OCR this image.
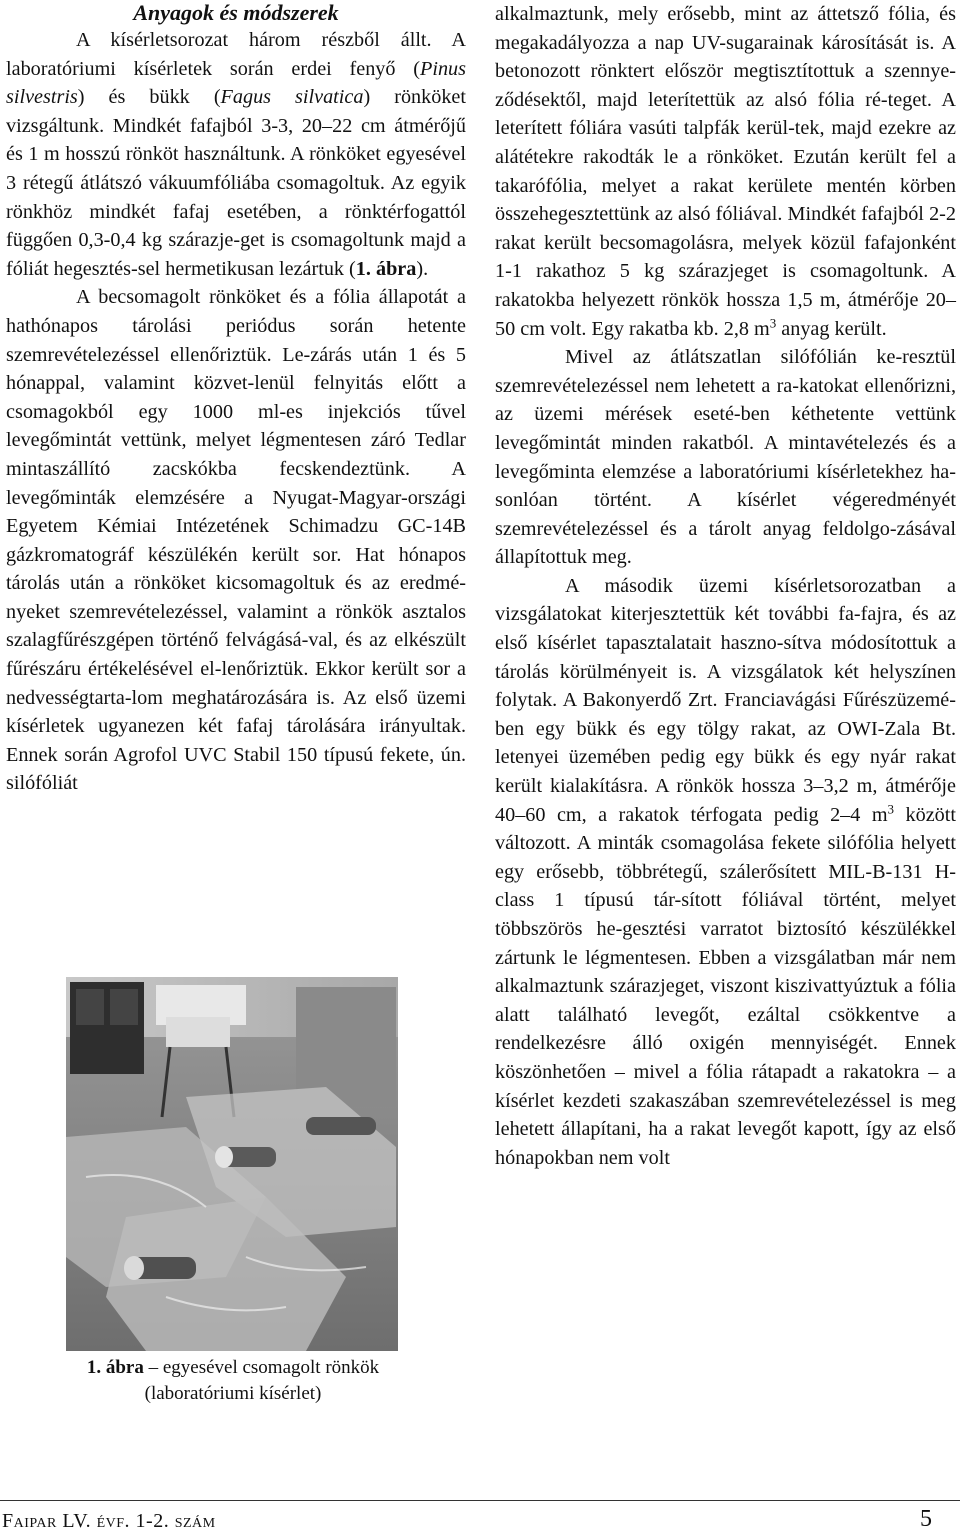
Anyagok és módszerek

A kísérletsorozat három részből állt. A laboratóriumi kísérletek során erdei fenyő (Pinus silvestris) és bükk (Fagus silvatica) rönköket vizsgáltunk. Mindkét fafajból 3-3, 20–22 cm átmérőjű és 1 m hosszú rönköt használtunk. A rönköket egyesével 3 rétegű átlátszó vákuumfóliába csomagoltuk. Az egyik rönkhöz mindkét fafaj esetében, a rönktérfogattól függően 0,3-0,4 kg szárazje-get is csomagoltunk majd a fóliát hegesztés-sel hermetikusan lezártuk (1. ábra).

A becsomagolt rönköket és a fólia állapotát a hathónapos tárolási periódus során hetente szemrevételezéssel ellenőriztük. Le-zárás után 1 és 5 hónappal, valamint közvet-lenül felnyitás előtt a csomagokból egy 1000 ml-es injekciós tűvel levegőmintát vettünk, melyet légmentesen záró Tedlar mintaszállító zacskókba fecskendeztünk. A levegőminták elemzésére a Nyugat-Magyar-országi Egyetem Kémiai Intézetének Schimadzu GC-14B gázkromatográf készülékén került sor. Hat hónapos tárolás után a rönköket kicsomagoltuk és az eredmé-nyeket szemrevételezéssel, valamint a rönkök asztalos szalagfűrészgépen történő felvágásá-val, és az elkészült fűrészáru értékelésével el-lenőriztük. Ekkor került sor a nedvességtarta-lom meghatározására is. Az első üzemi kísérletek ugyanezen két fafaj tárolására irányultak. Ennek során Agrofol UVC Stabil 150 típusú fekete, ún. silófóliát

1. ábra – egyesével csomagolt rönkök
(laboratóriumi kísérlet)

alkalmaztunk, mely erősebb, mint az áttetsző fólia, és megakadályozza a nap UV-sugarainak károsítását is. A betonozott rönktert először megtisztítottuk a szennye-ződésektől, majd leterítettük az alsó fólia ré-teget. A leterített fóliára vasúti talpfák kerül-tek, majd ezekre az alátétekre rakodták le a rönköket. Ezután került fel a takarófólia, melyet a rakat kerülete mentén körben összehegesztettünk az alsó fóliával. Mindkét fafajból 2-2 rakat került becsomagolásra, melyek közül fafajonként 1-1 rakathoz 5 kg szárazjeget is csomagoltunk. A rakatokba helyezett rönkök hossza 1,5 m, átmérője 20–50 cm volt. Egy rakatba kb. 2,8 $m^3$ anyag került.

Mivel az átlátszatlan silófólián ke-resztül szemrevételezéssel nem lehetett a ra-katokat ellenőrizni, az üzemi mérések eseté-ben kéthetente vettünk levegőmintát minden rakatból. A mintavételezés és a levegőminta elemzése a laboratóriumi kísérletekhez ha-sonlóan történt. A kísérlet végeredményét szemrevételezéssel és a tárolt anyag feldolgo-zásával állapítottuk meg.

A második üzemi kísérletsorozatban a vizsgálatokat kiterjesztettük két további fa-fajra, és az első kísérlet tapasztalatait haszno-sítva módosítottuk a tárolás körülményeit is. A vizsgálatok két helyszínen folytak. A Bakonyerdő Zrt. Franciavágási Fűrészüzemé-ben egy bükk és egy tölgy rakat, az OWI-Zala Bt. letenyei üzemében pedig egy bükk és egy nyár rakat került kialakításra. A rönkök hossza 3–3,2 m, átmérője 40–60 cm, a rakatok térfogata pedig 2–4 $m^3$ között változott. A minták csomagolása fekete silófólia helyett egy erősebb, többrétegű, szálerősített MIL-B-131 H-class 1 típusú tár-sított fóliával történt, melyet többszörös he-gesztési varratot biztosító készülékkel zártunk le légmentesen. Ebben a vizsgálatban már nem alkalmaztunk szárazjeget, viszont kiszivattyúztuk a fólia alatt található levegőt, ezáltal csökkentve a rendelkezésre álló oxigén mennyiségét. Ennek köszönhetően – mivel a fólia rátapadt a rakatokra – a kísérlet kezdeti szakaszában szemrevételezéssel is meg lehetett állapítani, ha a rakat levegőt kapott, így az első hónapokban nem volt

Faipar LV. évf. 1-2. szám	5
